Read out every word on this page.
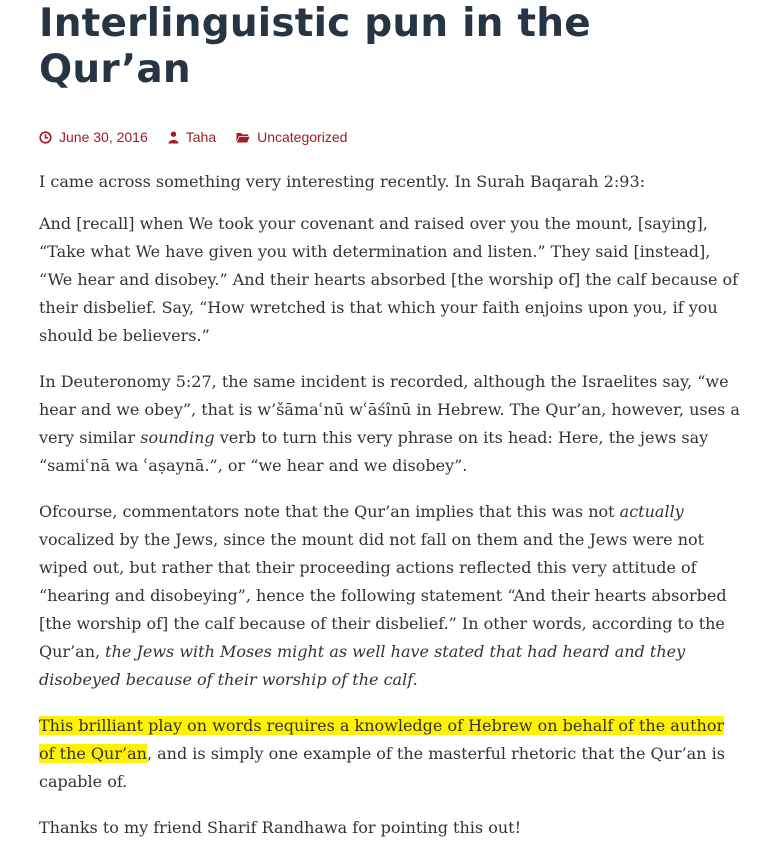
Interlinguistic pun in the Qur’an
June 30, 2016	Taha	Uncategorized

I came across something very interesting recently. In Surah Baqarah 2:93:

And [recall] when We took your covenant and raised over you the mount, [saying], “Take what We have given you with determination and listen.” They said [instead], “We hear and disobey.” And their hearts absorbed [the worship of] the calf because of their disbelief. Say, “How wretched is that which your faith enjoins upon you, if you should be believers.”

In Deuteronomy 5:27, the same incident is recorded, although the Israelites say, “we hear and we obey”, that is w’šāmaʿnū wʿāśînū in Hebrew. The Qur’an, however, uses a very similar sounding verb to turn this very phrase on its head: Here, the jews say “samiʿnā wa ʿaṣaynā.”, or “we hear and we disobey”.

Ofcourse, commentators note that the Qur’an implies that this was not actually vocalized by the Jews, since the mount did not fall on them and the Jews were not wiped out, but rather that their proceeding actions reflected this very attitude of “hearing and disobeying”, hence the following statement “And their hearts absorbed [the worship of] the calf because of their disbelief.” In other words, according to the Qur’an, the Jews with Moses might as well have stated that had heard and they disobeyed because of their worship of the calf.

This brilliant play on words requires a knowledge of Hebrew on behalf of the author of the Qur’an, and is simply one example of the masterful rhetoric that the Qur’an is capable of.

Thanks to my friend Sharif Randhawa for pointing this out!
